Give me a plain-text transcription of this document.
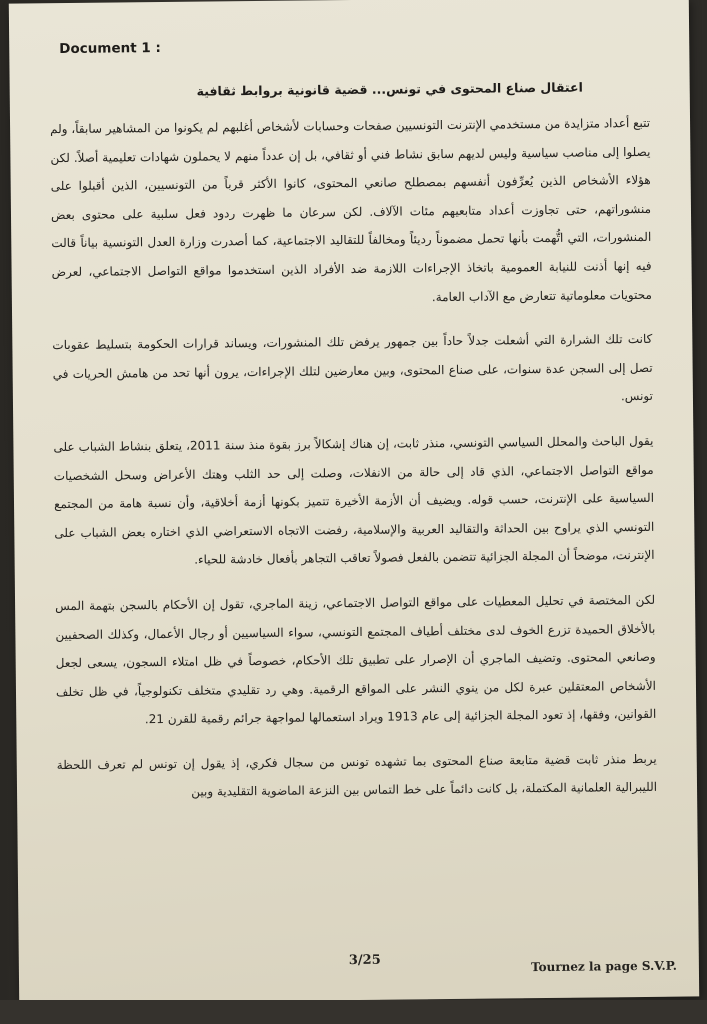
Document 1 :
اعتقال صناع المحتوى في تونس... قضية قانونية بروابط ثقافية

تتبع أعداد متزايدة من مستخدمي الإنترنت التونسيين صفحات وحسابات لأشخاص أغلبهم لم يكونوا من المشاهير سابقاً، ولم يصلوا إلى مناصب سياسية وليس لديهم سابق نشاط فني أو ثقافي، بل إن عدداً منهم لا يحملون شهادات تعليمية أصلاً. لكن هؤلاء الأشخاص الذين يُعرِّفون أنفسهم بمصطلح صانعي المحتوى، كانوا الأكثر قرباً من التونسيين، الذين أقبلوا على منشوراتهم، حتى تجاوزت أعداد متابعيهم مئات الآلاف. لكن سرعان ما ظهرت ردود فعل سلبية على محتوى بعض المنشورات، التي اتُّهمت بأنها تحمل مضموناً رديئاً ومخالفاً للتقاليد الاجتماعية، كما أصدرت وزارة العدل التونسية بياناً قالت فيه إنها أذنت للنيابة العمومية باتخاذ الإجراءات اللازمة ضد الأفراد الذين استخدموا مواقع التواصل الاجتماعي، لعرض محتويات معلوماتية تتعارض مع الآداب العامة.

كانت تلك الشرارة التي أشعلت جدلاً حاداً بين جمهور يرفض تلك المنشورات، ويساند قرارات الحكومة بتسليط عقوبات تصل إلى السجن عدة سنوات، على صناع المحتوى، وبين معارضين لتلك الإجراءات، يرون أنها تحد من هامش الحريات في تونس.

يقول الباحث والمحلل السياسي التونسي، منذر ثابت، إن هناك إشكالاً برز بقوة منذ سنة 2011، يتعلق بنشاط الشباب على مواقع التواصل الاجتماعي، الذي قاد إلى حالة من الانفلات، وصلت إلى حد الثلب وهتك الأعراض وسحل الشخصيات السياسية على الإنترنت، حسب قوله. ويضيف أن الأزمة الأخيرة تتميز بكونها أزمة أخلاقية، وأن نسبة هامة من المجتمع التونسي الذي يراوح بين الحداثة والتقاليد العربية والإسلامية، رفضت الاتجاه الاستعراضي الذي اختاره بعض الشباب على الإنترنت، موضحاً أن المجلة الجزائية تتضمن بالفعل فصولاً تعاقب التجاهر بأفعال خادشة للحياء.

لكن المختصة في تحليل المعطيات على مواقع التواصل الاجتماعي، زينة الماجري، تقول إن الأحكام بالسجن بتهمة المس بالأخلاق الحميدة تزرع الخوف لدى مختلف أطياف المجتمع التونسي، سواء السياسيين أو رجال الأعمال، وكذلك الصحفيين وصانعي المحتوى. وتضيف الماجري أن الإصرار على تطبيق تلك الأحكام، خصوصاً في ظل امتلاء السجون، يسعى لجعل الأشخاص المعتقلين عبرة لكل من ينوي النشر على المواقع الرقمية. وهي رد تقليدي متخلف تكنولوجياً، في ظل تخلف القوانين، وفقها، إذ تعود المجلة الجزائية إلى عام 1913 ويراد استعمالها لمواجهة جرائم رقمية للقرن 21.

يربط منذر ثابت قضية متابعة صناع المحتوى بما تشهده تونس من سجال فكري، إذ يقول إن تونس لم تعرف اللحظة الليبرالية العلمانية المكتملة، بل كانت دائماً على خط التماس بين النزعة الماضوية التقليدية وبين

3/25	Tournez la page S.V.P.
